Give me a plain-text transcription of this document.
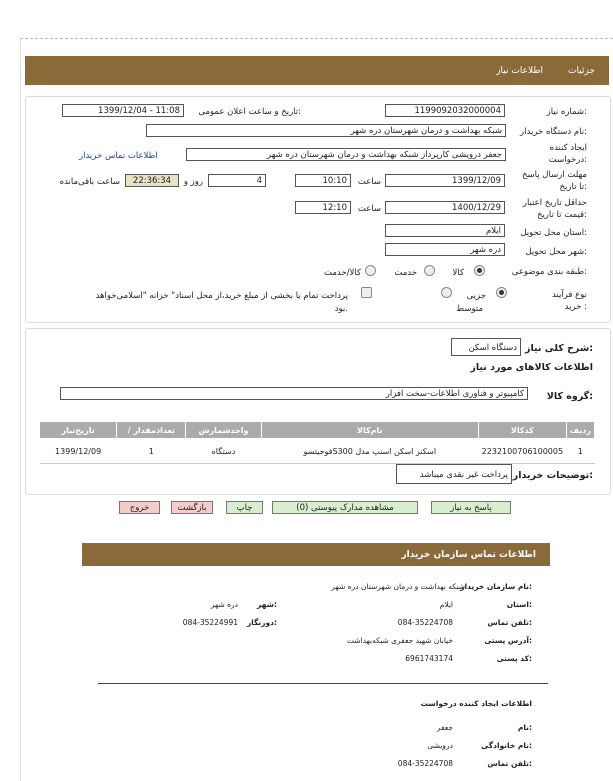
جزئیات
اطلاعات نیاز
شماره نیاز:
1199092032000004
تاریخ و ساعت اعلان عمومی:
1399/12/04 - 11:08
نام دستگاه خریدار:
شبکه بهداشت و درمان شهرستان دره شهر
ایجاد کننده
درخواست:
جعفر درویشی کارپرداز شبکه بهداشت و درمان شهرستان دره شهر
اطلاعات تماس خریدار
مهلت ارسال پاسخ
تا تاریخ:
1399/12/09
ساعت
10:10
4
روز و
22:36:34
ساعت باقی‌مانده
حداقل تاریخ اعتبار
قیمت تا تاریخ:
1400/12/29
ساعت
12:10
استان محل تحویل:
ایلام
شهر محل تحویل:
دره شهر
طبقه بندی موضوعی:
کالا
خدمت
کالا/خدمت
نوع فرآیند
خرید :
جزیی
متوسط
پرداخت تمام یا بخشی از مبلغ خرید،از محل اسناد" خزانه "اسلامی‌خواهد
بود.
شرح کلی نیاز:
دستگاه اسکن
اطلاعات کالاهای مورد نیاز
گروه کالا:
کامپیوتر و فناوری اطلاعات-سخت افزار
ردیف	کدکالا	نام‌کالا	واحدشمارش	تعدادمقدار /	تاریخ‌نیاز
1	2232100706100005	اسکنر اسکن اسنپ مدل S300فوجیتسو	دستگاه	1	1399/12/09
توضیحات خریدار:
پرداخت غیر نقدی میباشد
پاسخ به نیاز
مشاهده مدارک پیوستی (0)
چاپ
بازگشت
خروج
اطلاعات تماس سازمان خریدار
نام سازمان خریدار:
شبکه بهداشت و درمان شهرستان دره شهر
استان:
ایلام
شهر:
دره شهر
تلفن تماس:
084-35224708
دورنگار:
084-35224991
آدرس پستی:
خیابان شهید جعفری شبکه‌بهداشت
کد پستی:
6961743174
اطلاعات ایجاد کننده درخواست
نام:
جعفر
نام خانوادگی:
درویشی
تلفن تماس:
084-35224708
